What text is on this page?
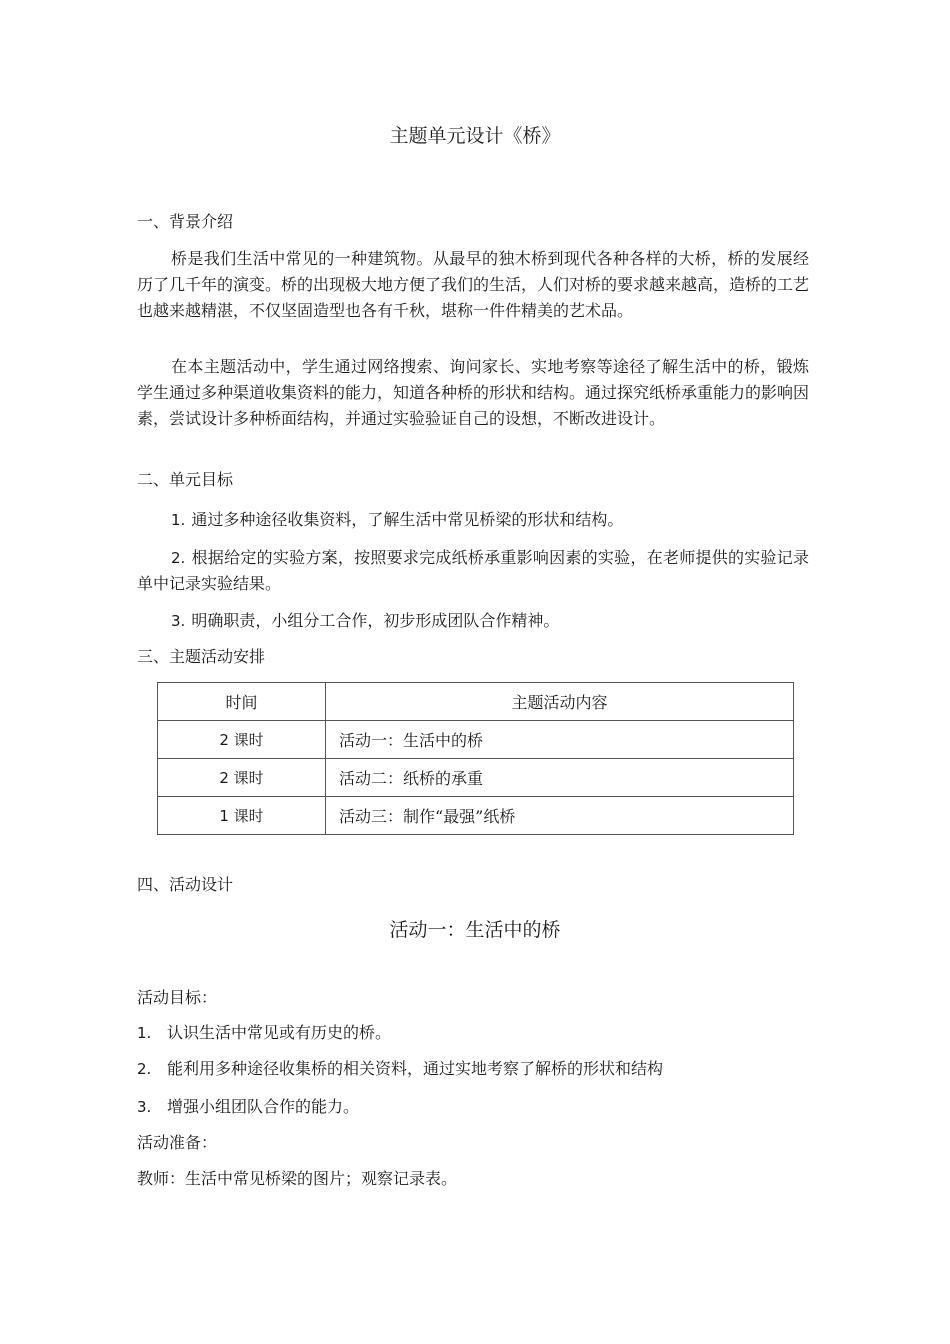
主题单元设计《桥》
一、背景介绍
桥是我们生活中常见的一种建筑物。从最早的独木桥到现代各种各样的大桥，桥的发展经历了几千年的演变。桥的出现极大地方便了我们的生活，人们对桥的要求越来越高，造桥的工艺也越来越精湛，不仅坚固造型也各有千秋，堪称一件件精美的艺术品。
在本主题活动中，学生通过网络搜索、询问家长、实地考察等途径了解生活中的桥，锻炼学生通过多种渠道收集资料的能力，知道各种桥的形状和结构。通过探究纸桥承重能力的影响因素，尝试设计多种桥面结构，并通过实验验证自己的设想，不断改进设计。
二、单元目标
1. 通过多种途径收集资料，了解生活中常见桥梁的形状和结构。
2. 根据给定的实验方案，按照要求完成纸桥承重影响因素的实验，在老师提供的实验记录单中记录实验结果。
3. 明确职责，小组分工合作，初步形成团队合作精神。
三、主题活动安排
时间	主题活动内容
2 课时	活动一：生活中的桥
2 课时	活动二：纸桥的承重
1 课时	活动三：制作“最强”纸桥
四、活动设计
活动一：生活中的桥
活动目标：
1. 认识生活中常见或有历史的桥。
2. 能利用多种途径收集桥的相关资料，通过实地考察了解桥的形状和结构
3. 增强小组团队合作的能力。
活动准备：
教师：生活中常见桥梁的图片；观察记录表。
